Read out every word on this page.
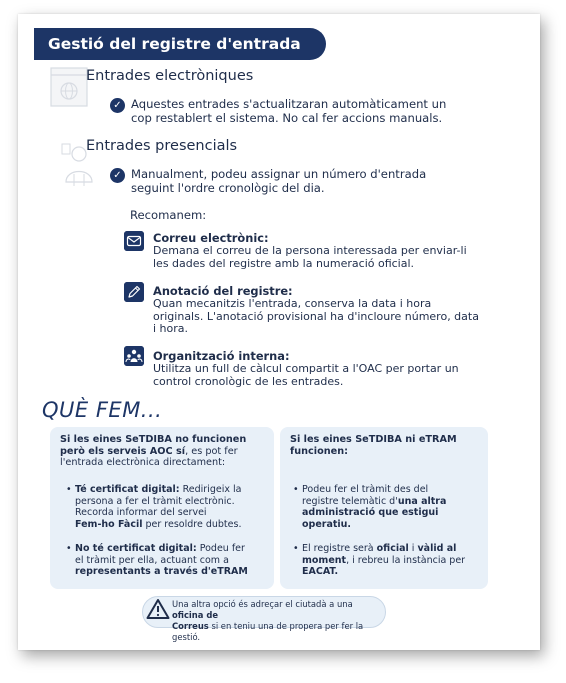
Gestió del registre d'entrada
Entrades electròniques
✓ Aquestes entrades s'actualitzaran automàticament un
cop restablert el sistema. No cal fer accions manuals.
Entrades presencials
✓ Manualment, podeu assignar un número d'entrada
seguint l'ordre cronològic del dia.
Recomanem:
Correu electrònic:
Demana el correu de la persona interessada per enviar-li
les dades del registre amb la numeració oficial.
Anotació del registre:
Quan mecanitzis l'entrada, conserva la data i hora
originals. L'anotació provisional ha d'incloure número, data
i hora.
Organització interna:
Utilitza un full de càlcul compartit a l'OAC per portar un
control cronològic de les entrades.
QUÈ FEM...
Si les eines SeTDIBA no funcionen
però els serveis AOC sí, es pot fer
l'entrada electrònica directament:
• Té certificat digital: Redirigeix la
persona a fer el tràmit electrònic.
Recorda informar del servei
Fem-ho Fàcil per resoldre dubtes.
• No té certificat digital: Podeu fer
el tràmit per ella, actuant com a
representants a través d'eTRAM
Si les eines SeTDIBA ni eTRAM
funcionen:
• Podeu fer el tràmit des del
registre telemàtic d'una altra
administració que estigui
operatiu.
• El registre serà oficial i vàlid al
moment, i rebreu la instància per
EACAT.
Una altra opció és adreçar el ciutadà a una oficina de
Correus si en teniu una de propera per fer la gestió.
